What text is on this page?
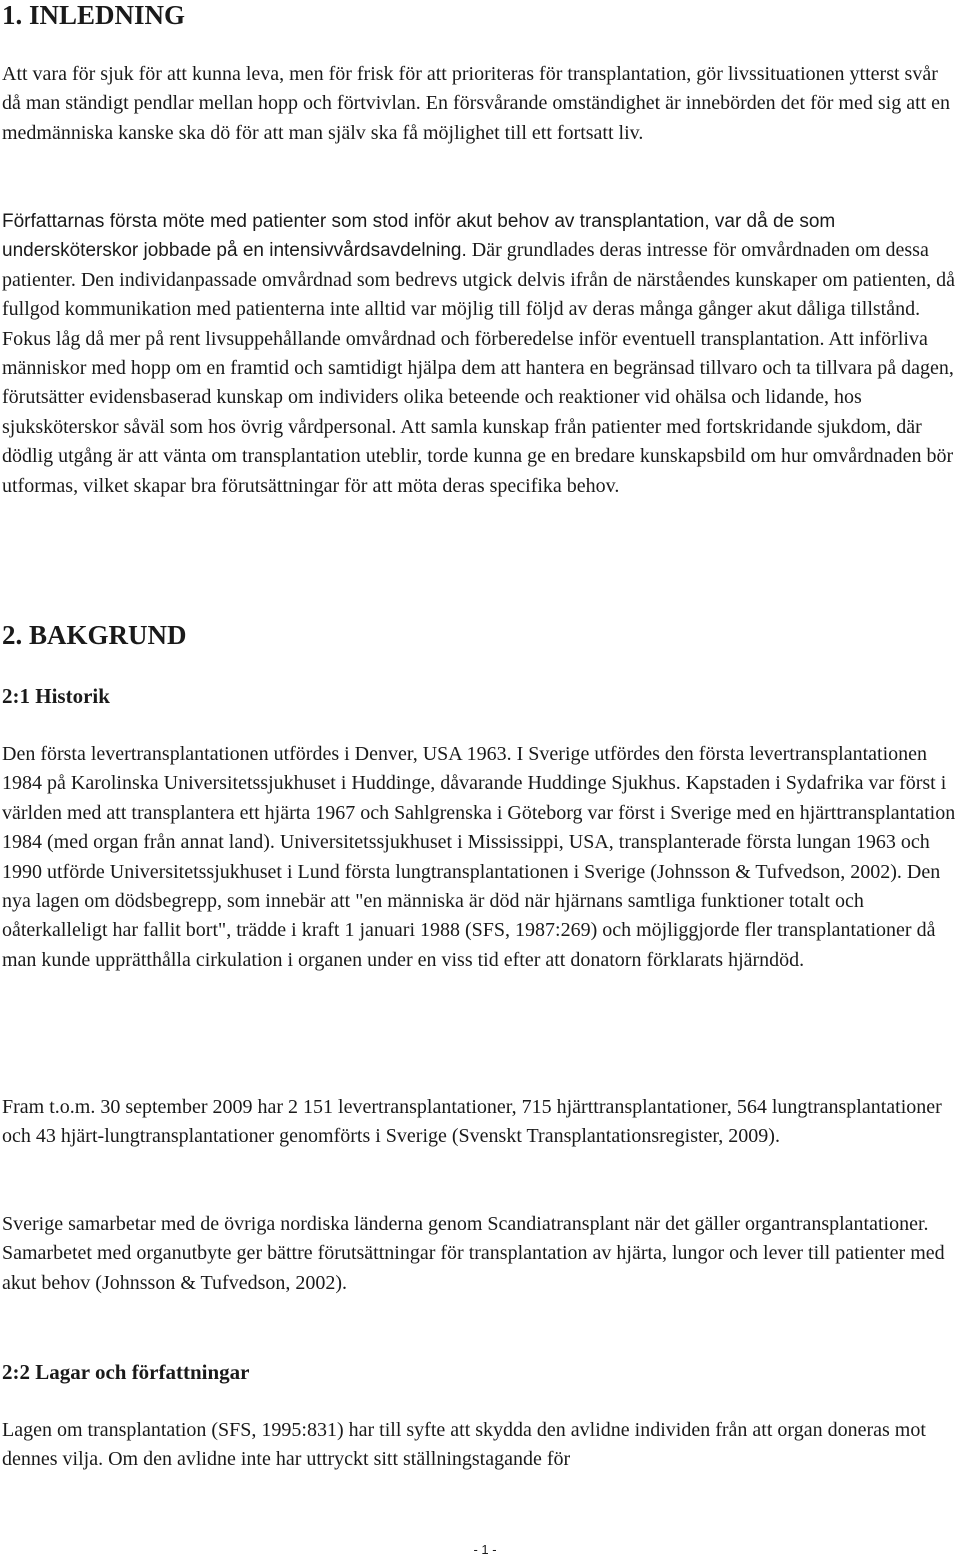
1. INLEDNING

Att vara för sjuk för att kunna leva, men för frisk för att prioriteras för transplantation, gör livssituationen ytterst svår då man ständigt pendlar mellan hopp och förtvivlan. En försvårande omständighet är innebörden det för med sig att en medmänniska kanske ska dö för att man själv ska få möjlighet till ett fortsatt liv.

Författarnas första möte med patienter som stod inför akut behov av transplantation, var då de som undersköterskor jobbade på en intensivvårdsavdelning. Där grundlades deras intresse för omvårdnaden om dessa patienter. Den individanpassade omvårdnad som bedrevs utgick delvis ifrån de närståendes kunskaper om patienten, då fullgod kommunikation med patienterna inte alltid var möjlig till följd av deras många gånger akut dåliga tillstånd. Fokus låg då mer på rent livsuppehållande omvårdnad och förberedelse inför eventuell transplantation. Att införliva människor med hopp om en framtid och samtidigt hjälpa dem att hantera en begränsad tillvaro och ta tillvara på dagen, förutsätter evidensbaserad kunskap om individers olika beteende och reaktioner vid ohälsa och lidande, hos sjuksköterskor såväl som hos övrig vårdpersonal. Att samla kunskap från patienter med fortskridande sjukdom, där dödlig utgång är att vänta om transplantation uteblir, torde kunna ge en bredare kunskapsbild om hur omvårdnaden bör utformas, vilket skapar bra förutsättningar för att möta deras specifika behov.

2. BAKGRUND
2:1 Historik

Den första levertransplantationen utfördes i Denver, USA 1963. I Sverige utfördes den första levertransplantationen 1984 på Karolinska Universitetssjukhuset i Huddinge, dåvarande Huddinge Sjukhus. Kapstaden i Sydafrika var först i världen med att transplantera ett hjärta 1967 och Sahlgrenska i Göteborg var först i Sverige med en hjärttransplantation 1984 (med organ från annat land). Universitetssjukhuset i Mississippi, USA, transplanterade första lungan 1963 och 1990 utförde Universitetssjukhuset i Lund första lungtransplantationen i Sverige (Johnsson & Tufvedson, 2002). Den nya lagen om dödsbegrepp, som innebär att "en människa är död när hjärnans samtliga funktioner totalt och oåterkalleligt har fallit bort", trädde i kraft 1 januari 1988 (SFS, 1987:269) och möjliggjorde fler transplantationer då man kunde upprätthålla cirkulation i organen under en viss tid efter att donatorn förklarats hjärndöd.

Fram t.o.m. 30 september 2009 har 2 151 levertransplantationer, 715 hjärttransplantationer, 564 lungtransplantationer och 43 hjärt-lungtransplantationer genomförts i Sverige (Svenskt Transplantationsregister, 2009).

Sverige samarbetar med de övriga nordiska länderna genom Scandiatransplant när det gäller organtransplantationer. Samarbetet med organutbyte ger bättre förutsättningar för transplantation av hjärta, lungor och lever till patienter med akut behov (Johnsson & Tufvedson, 2002).

2:2 Lagar och författningar

Lagen om transplantation (SFS, 1995:831) har till syfte att skydda den avlidne individen från att organ doneras mot dennes vilja. Om den avlidne inte har uttryckt sitt ställningstagande för

- 1 -
